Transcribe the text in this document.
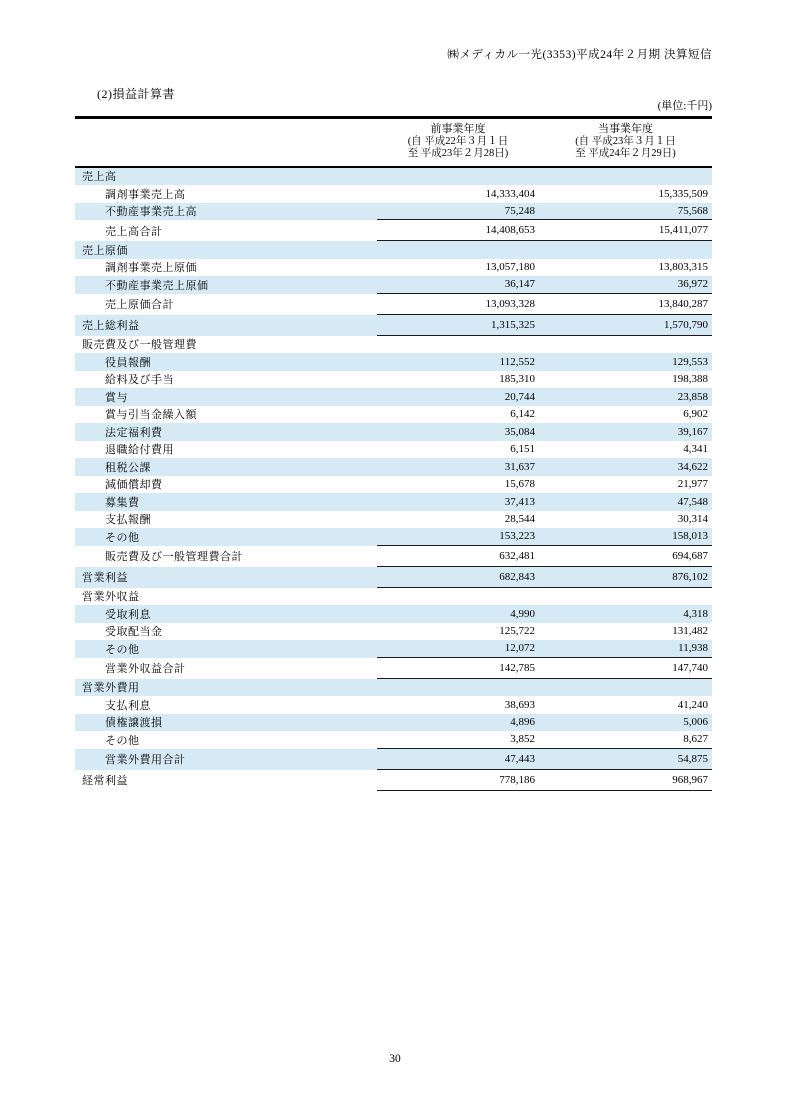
㈱メディカル一光(3353)平成24年２月期 決算短信
(2)損益計算書
(単位:千円)
前事業年度
(自 平成22年３月１日
至 平成23年２月28日)
当事業年度
(自 平成23年３月１日
至 平成24年２月29日)
売上高
調剤事業売上高	14,333,404	15,335,509
不動産事業売上高	75,248	75,568
売上高合計	14,408,653	15,411,077
売上原価
調剤事業売上原価	13,057,180	13,803,315
不動産事業売上原価	36,147	36,972
売上原価合計	13,093,328	13,840,287
売上総利益	1,315,325	1,570,790
販売費及び一般管理費
役員報酬	112,552	129,553
給料及び手当	185,310	198,388
賞与	20,744	23,858
賞与引当金繰入額	6,142	6,902
法定福利費	35,084	39,167
退職給付費用	6,151	4,341
租税公課	31,637	34,622
減価償却費	15,678	21,977
募集費	37,413	47,548
支払報酬	28,544	30,314
その他	153,223	158,013
販売費及び一般管理費合計	632,481	694,687
営業利益	682,843	876,102
営業外収益
受取利息	4,990	4,318
受取配当金	125,722	131,482
その他	12,072	11,938
営業外収益合計	142,785	147,740
営業外費用
支払利息	38,693	41,240
債権譲渡損	4,896	5,006
その他	3,852	8,627
営業外費用合計	47,443	54,875
経常利益	778,186	968,967
30
